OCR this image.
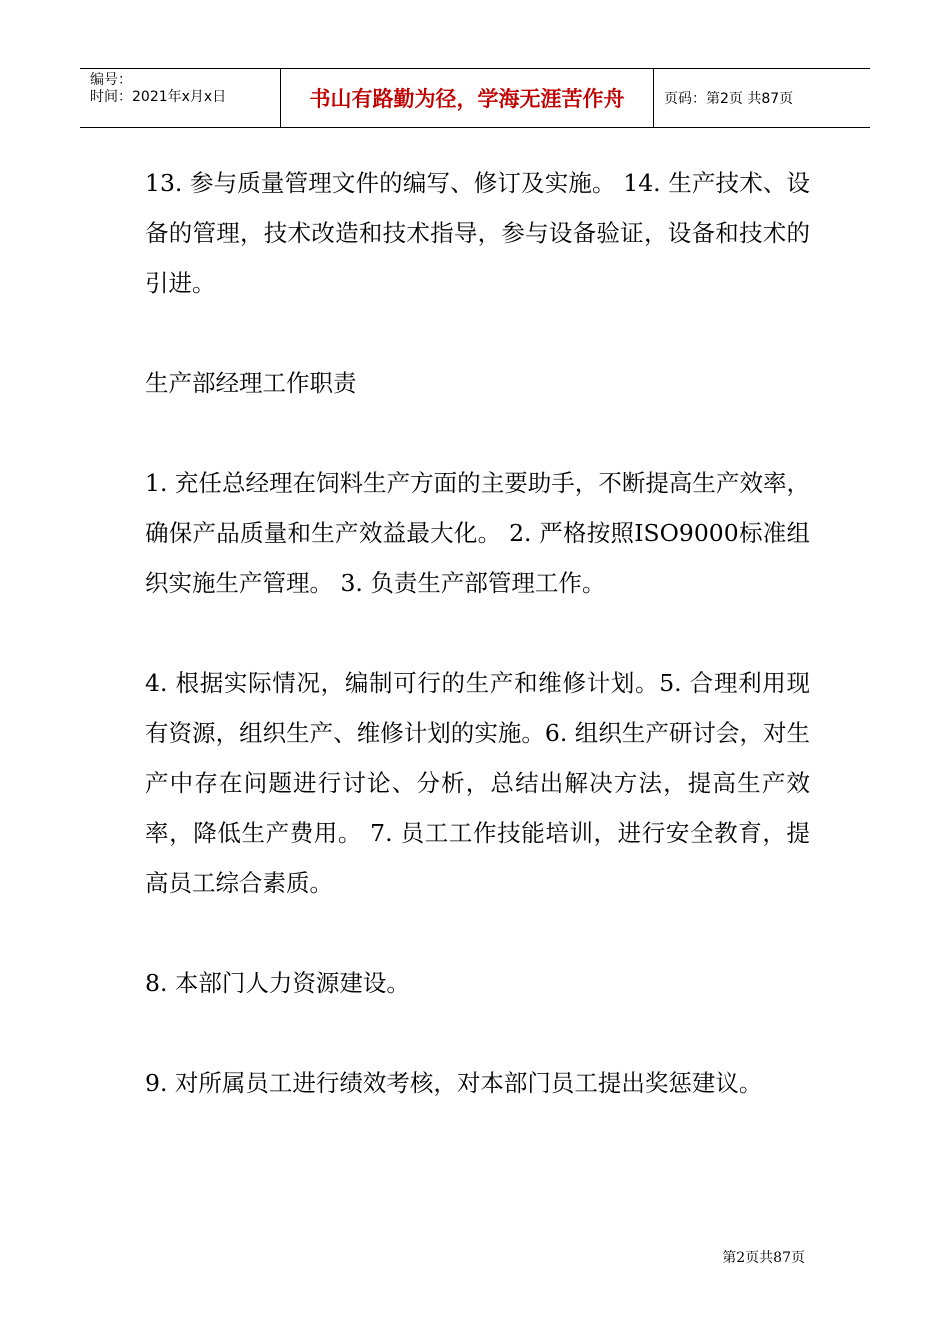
编号：
时间：2021年x月x日	书山有路勤为径，学海无涯苦作舟	页码：第2页 共87页

13. 参与质量管理文件的编写、修订及实施。 14. 生产技术、设备的管理，技术改造和技术指导，参与设备验证，设备和技术的引进。

生产部经理工作职责

1. 充任总经理在饲料生产方面的主要助手，不断提高生产效率，确保产品质量和生产效益最大化。 2. 严格按照ISO9000标准组织实施生产管理。 3. 负责生产部管理工作。

4. 根据实际情况，编制可行的生产和维修计划。5. 合理利用现有资源，组织生产、维修计划的实施。6. 组织生产研讨会，对生产中存在问题进行讨论、分析，总结出解决方法，提高生产效率，降低生产费用。 7. 员工工作技能培训，进行安全教育，提高员工综合素质。

8. 本部门人力资源建设。

9. 对所属员工进行绩效考核，对本部门员工提出奖惩建议。

第2页共87页
